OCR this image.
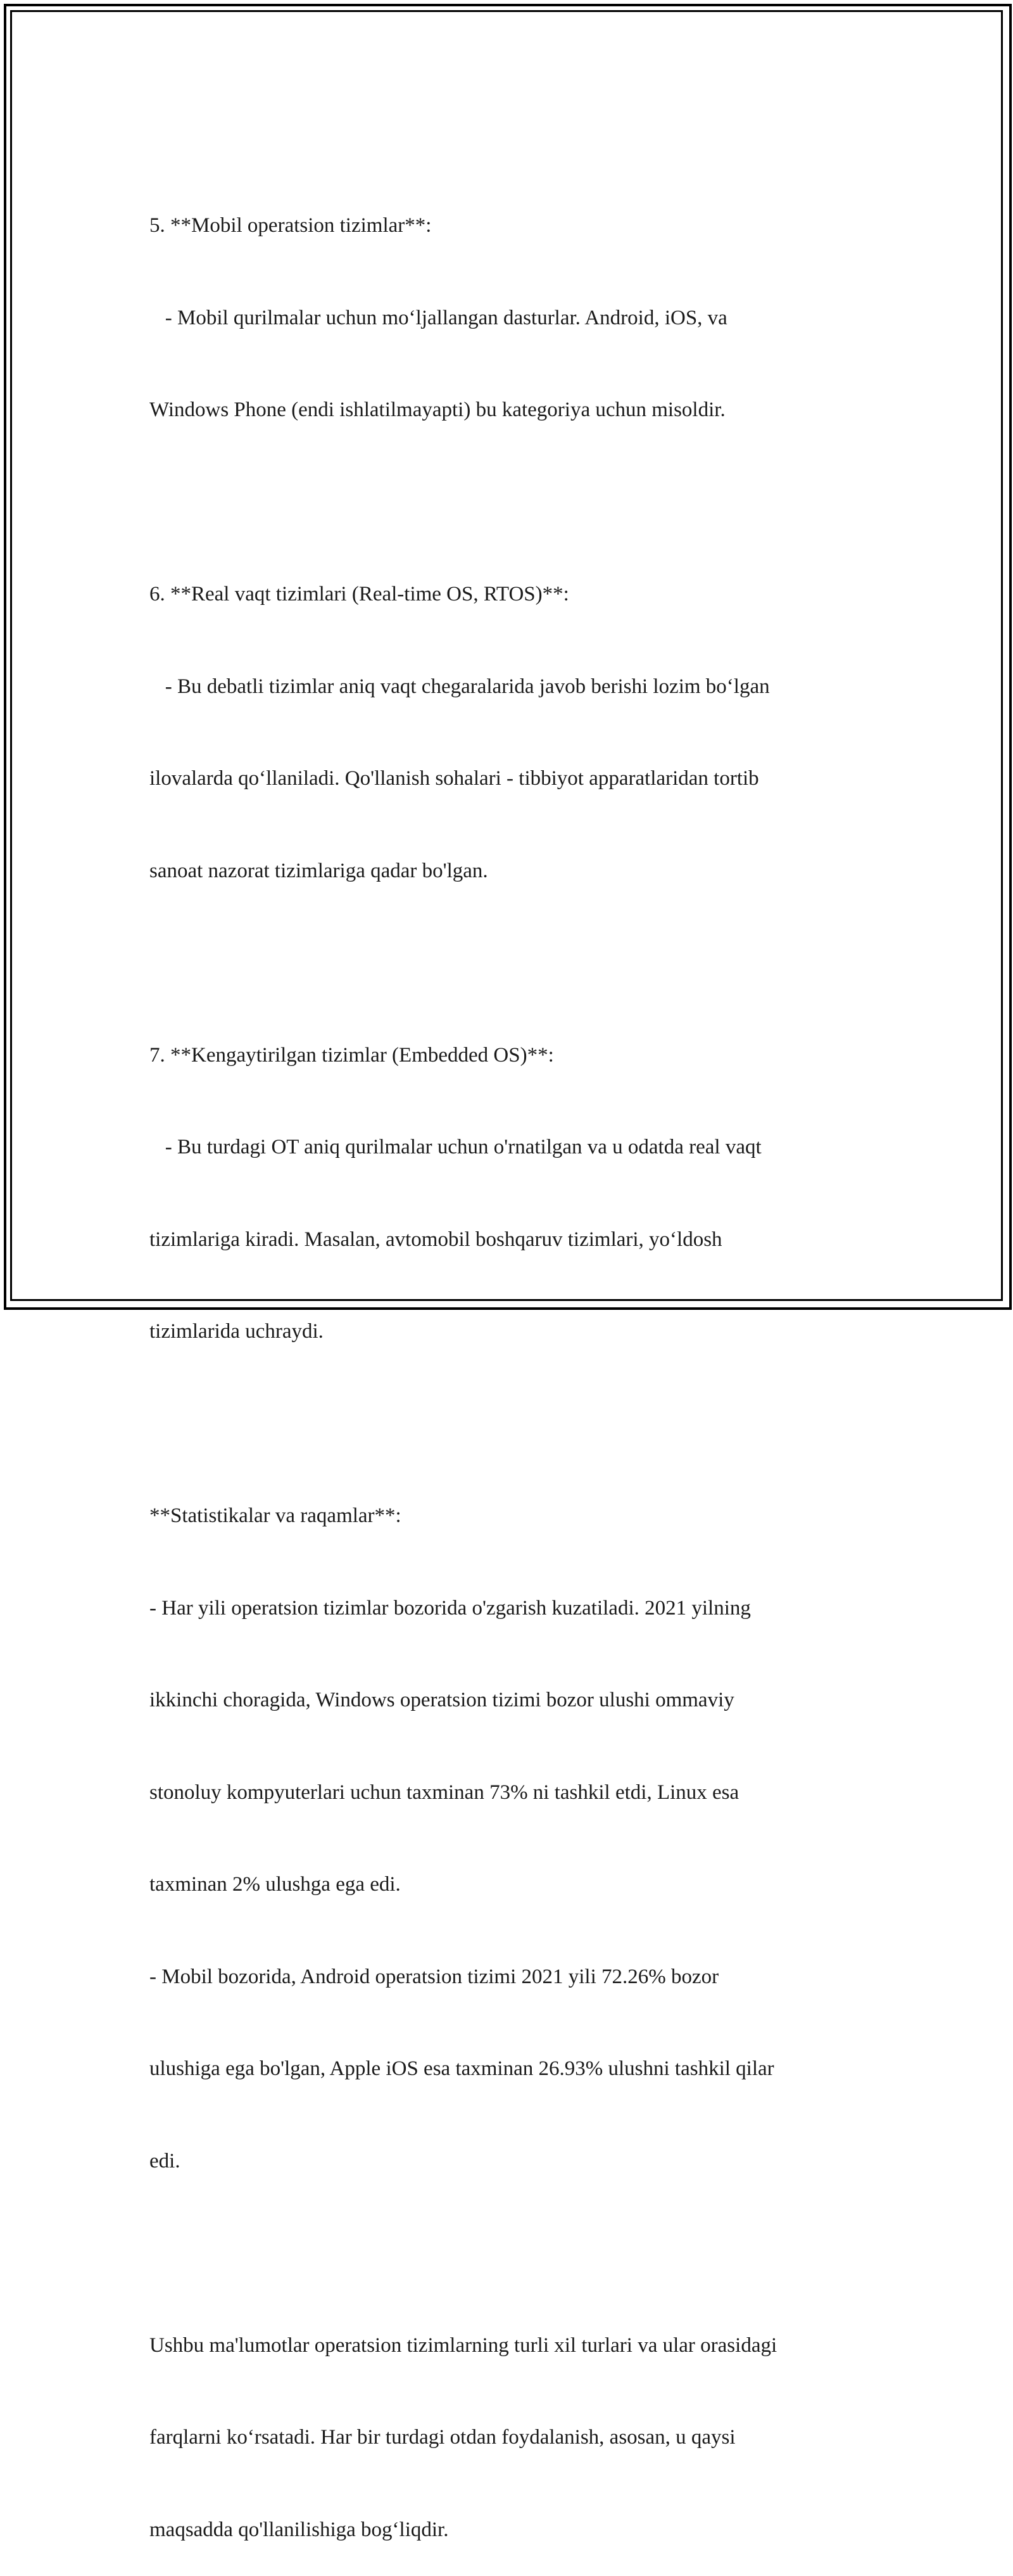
5. **Mobil operatsion tizimlar**:

- Mobil qurilmalar uchun mo‘ljallangan dasturlar. Android, iOS, va

Windows Phone (endi ishlatilmayapti) bu kategoriya uchun misoldir.

6. **Real vaqt tizimlari (Real-time OS, RTOS)**:

- Bu debatli tizimlar aniq vaqt chegaralarida javob berishi lozim bo‘lgan

ilovalarda qo‘llaniladi. Qo'llanish sohalari - tibbiyot apparatlaridan tortib

sanoat nazorat tizimlariga qadar bo'lgan.

7. **Kengaytirilgan tizimlar (Embedded OS)**:

- Bu turdagi OT aniq qurilmalar uchun o'rnatilgan va u odatda real vaqt

tizimlariga kiradi. Masalan, avtomobil boshqaruv tizimlari, yo‘ldosh

tizimlarida uchraydi.

**Statistikalar va raqamlar**:

- Har yili operatsion tizimlar bozorida o'zgarish kuzatiladi. 2021 yilning

ikkinchi choragida, Windows operatsion tizimi bozor ulushi ommaviy

stonoluy kompyuterlari uchun taxminan 73% ni tashkil etdi, Linux esa

taxminan 2% ulushga ega edi.

- Mobil bozorida, Android operatsion tizimi 2021 yili 72.26% bozor

ulushiga ega bo'lgan, Apple iOS esa taxminan 26.93% ulushni tashkil qilar

edi.

Ushbu ma'lumotlar operatsion tizimlarning turli xil turlari va ular orasidagi

farqlarni ko‘rsatadi. Har bir turdagi otdan foydalanish, asosan, u qaysi

maqsadda qo'llanilishiga bog‘liqdir.
